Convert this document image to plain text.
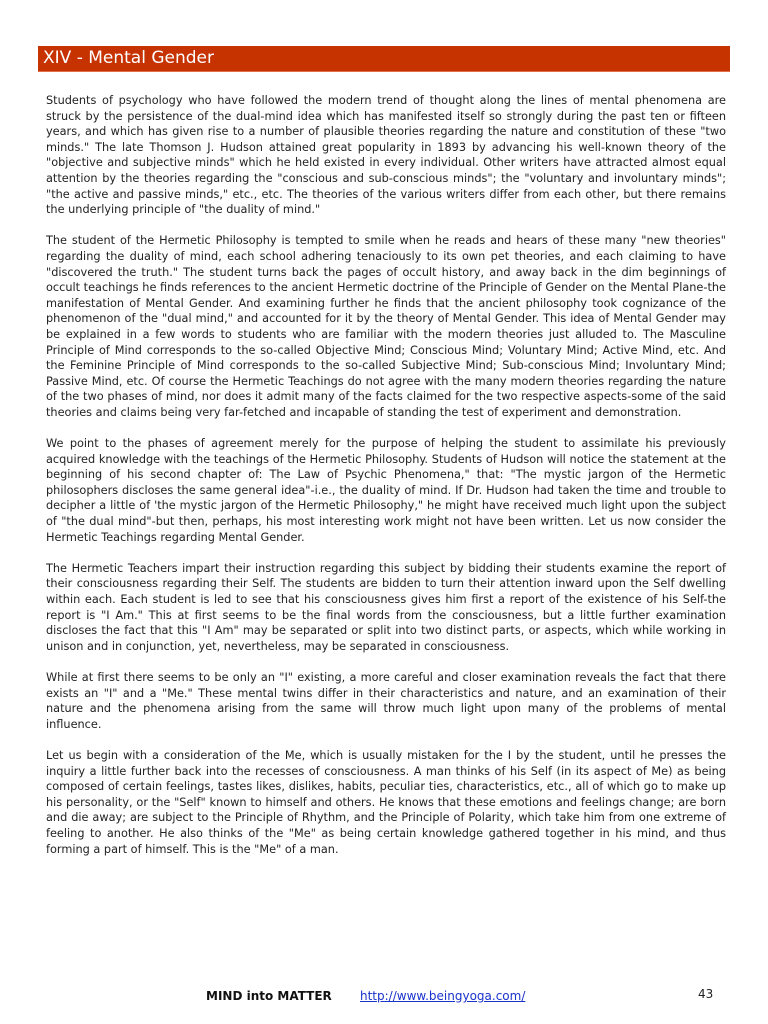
XIV - Mental Gender

Students of psychology who have followed the modern trend of thought along the lines of mental phenomena are struck by the persistence of the dual-mind idea which has manifested itself so strongly during the past ten or fifteen years, and which has given rise to a number of plausible theories regarding the nature and constitution of these "two minds." The late Thomson J. Hudson attained great popularity in 1893 by advancing his well-known theory of the "objective and subjective minds" which he held existed in every individual. Other writers have attracted almost equal attention by the theories regarding the "conscious and sub-conscious minds"; the "voluntary and involuntary minds"; "the active and passive minds," etc., etc. The theories of the various writers differ from each other, but there remains the underlying principle of "the duality of mind."

The student of the Hermetic Philosophy is tempted to smile when he reads and hears of these many "new theories" regarding the duality of mind, each school adhering tenaciously to its own pet theories, and each claiming to have "discovered the truth." The student turns back the pages of occult history, and away back in the dim beginnings of occult teachings he finds references to the ancient Hermetic doctrine of the Principle of Gender on the Mental Plane-the manifestation of Mental Gender. And examining further he finds that the ancient philosophy took cognizance of the phenomenon of the "dual mind," and accounted for it by the theory of Mental Gender. This idea of Mental Gender may be explained in a few words to students who are familiar with the modern theories just alluded to. The Masculine Principle of Mind corresponds to the so-called Objective Mind; Conscious Mind; Voluntary Mind; Active Mind, etc. And the Feminine Principle of Mind corresponds to the so-called Subjective Mind; Sub-conscious Mind; Involuntary Mind; Passive Mind, etc. Of course the Hermetic Teachings do not agree with the many modern theories regarding the nature of the two phases of mind, nor does it admit many of the facts claimed for the two respective aspects-some of the said theories and claims being very far-fetched and incapable of standing the test of experiment and demonstration.

We point to the phases of agreement merely for the purpose of helping the student to assimilate his previously acquired knowledge with the teachings of the Hermetic Philosophy. Students of Hudson will notice the statement at the beginning of his second chapter of: The Law of Psychic Phenomena," that: "The mystic jargon of the Hermetic philosophers discloses the same general idea"-i.e., the duality of mind. If Dr. Hudson had taken the time and trouble to decipher a little of 'the mystic jargon of the Hermetic Philosophy," he might have received much light upon the subject of "the dual mind"-but then, perhaps, his most interesting work might not have been written. Let us now consider the Hermetic Teachings regarding Mental Gender.

The Hermetic Teachers impart their instruction regarding this subject by bidding their students examine the report of their consciousness regarding their Self. The students are bidden to turn their attention inward upon the Self dwelling within each. Each student is led to see that his consciousness gives him first a report of the existence of his Self-the report is "I Am." This at first seems to be the final words from the consciousness, but a little further examination discloses the fact that this "I Am" may be separated or split into two distinct parts, or aspects, which while working in unison and in conjunction, yet, nevertheless, may be separated in consciousness.

While at first there seems to be only an "I" existing, a more careful and closer examination reveals the fact that there exists an "I" and a "Me." These mental twins differ in their characteristics and nature, and an examination of their nature and the phenomena arising from the same will throw much light upon many of the problems of mental influence.

Let us begin with a consideration of the Me, which is usually mistaken for the I by the student, until he presses the inquiry a little further back into the recesses of consciousness. A man thinks of his Self (in its aspect of Me) as being composed of certain feelings, tastes likes, dislikes, habits, peculiar ties, characteristics, etc., all of which go to make up his personality, or the "Self" known to himself and others. He knows that these emotions and feelings change; are born and die away; are subject to the Principle of Rhythm, and the Principle of Polarity, which take him from one extreme of feeling to another. He also thinks of the "Me" as being certain knowledge gathered together in his mind, and thus forming a part of himself. This is the "Me" of a man.

MIND into MATTER http://www.beingyoga.com/	43
